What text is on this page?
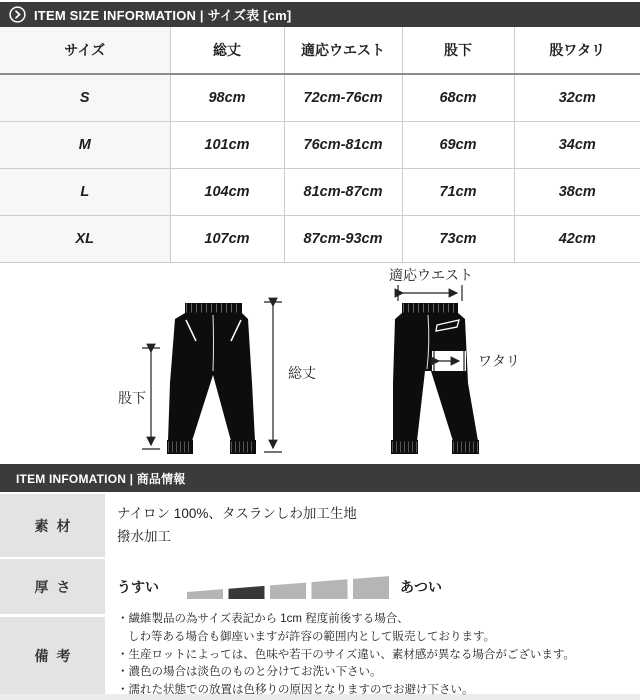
ITEM SIZE INFORMATION | サイズ表 [cm]
サイズ	総丈	適応ウエスト	股下	股ワタリ
S	98cm	72cm-76cm	68cm	32cm
M	101cm	76cm-81cm	69cm	34cm
L	104cm	81cm-87cm	71cm	38cm
XL	107cm	87cm-93cm	73cm	42cm
股下
総丈
適応ウエスト
ワタリ
ITEM INFOMATION | 商品情報
素材
ナイロン 100%、タスランしわ加工生地
撥水加工
厚さ	うすい	あつい
備考
・繊維製品の為サイズ表記から 1cm 程度前後する場合、
しわ等ある場合も御座いますが許容の範囲内として販売しております。
・生産ロットによっては、色味や若干のサイズ違い、素材感が異なる場合がございます。
・濃色の場合は淡色のものと分けてお洗い下さい。
・濡れた状態での放置は色移りの原因となりますのでお避け下さい。
